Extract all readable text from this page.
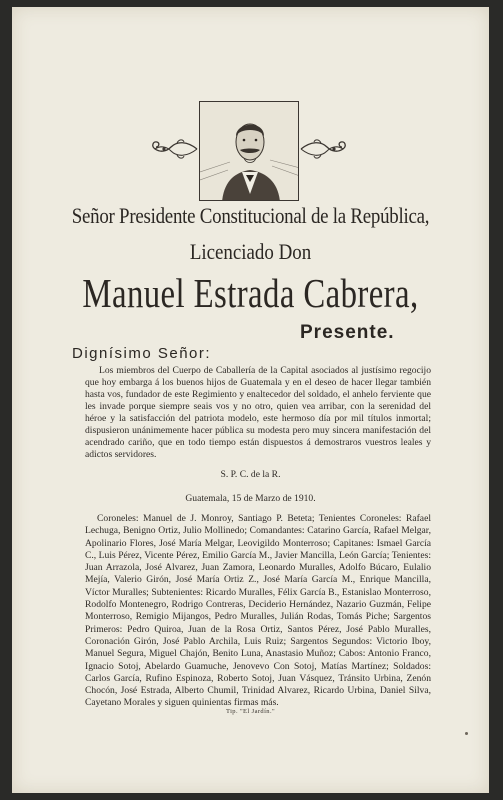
Señor Presidente Constitucional de la República,
Licenciado Don
Manuel Estrada Cabrera,
Presente.
Dignísimo Señor:
Los miembros del Cuerpo de Caballería de la Capital asociados al justísimo regocijo que hoy embarga á los buenos hijos de Guatemala y en el deseo de hacer llegar también hasta vos, fundador de este Regimiento y enaltecedor del soldado, el anhelo ferviente que les invade porque siempre seais vos y no otro, quien vea arribar, con la serenidad del héroe y la satisfacción del patriota modelo, este hermoso día por mil títulos inmortal; dispusieron unánimemente hacer pública su modesta pero muy sincera manifestación del acendrado cariño, que en todo tiempo están dispuestos á demostraros vuestros leales y adictos servidores.
S. P. C. de la R.
Guatemala, 15 de Marzo de 1910.
Coroneles: Manuel de J. Monroy, Santiago P. Beteta; Tenientes Coroneles: Rafael Lechuga, Benigno Ortiz, Julio Mollinedo; Comandantes: Catarino García, Rafael Melgar, Apolinario Flores, José María Melgar, Leovigildo Monterroso; Capitanes: Ismael García C., Luis Pérez, Vicente Pérez, Emilio García M., Javier Mancilla, León García; Tenientes: Juan Arrazola, José Alvarez, Juan Zamora, Leonardo Muralles, Adolfo Búcaro, Eulalio Mejía, Valerio Girón, José María Ortiz Z., José María García M., Enrique Mancilla, Víctor Muralles; Subtenientes: Ricardo Muralles, Félix García B., Estanislao Monterroso, Rodolfo Montenegro, Rodrigo Contreras, Deciderio Hernández, Nazario Guzmán, Felipe Monterroso, Remigio Mijangos, Pedro Muralles, Julián Rodas, Tomás Piche; Sargentos Primeros: Pedro Quiroa, Juan de la Rosa Ortiz, Santos Pérez, José Pablo Muralles, Coronación Girón, José Pablo Archila, Luis Ruiz; Sargentos Segundos: Victorio Iboy, Manuel Segura, Miguel Chajón, Benito Luna, Anastasio Muñoz; Cabos: Antonio Franco, Ignacio Sotoj, Abelardo Guamuche, Jenovevo Con Sotoj, Matías Martínez; Soldados: Carlos García, Rufino Espinoza, Roberto Sotoj, Juan Vásquez, Tránsito Urbina, Zenón Chocón, José Estrada, Alberto Chumil, Trinidad Alvarez, Ricardo Urbina, Daniel Silva, Cayetano Morales y siguen quinientas firmas más.
Tip. "El Jardín."
